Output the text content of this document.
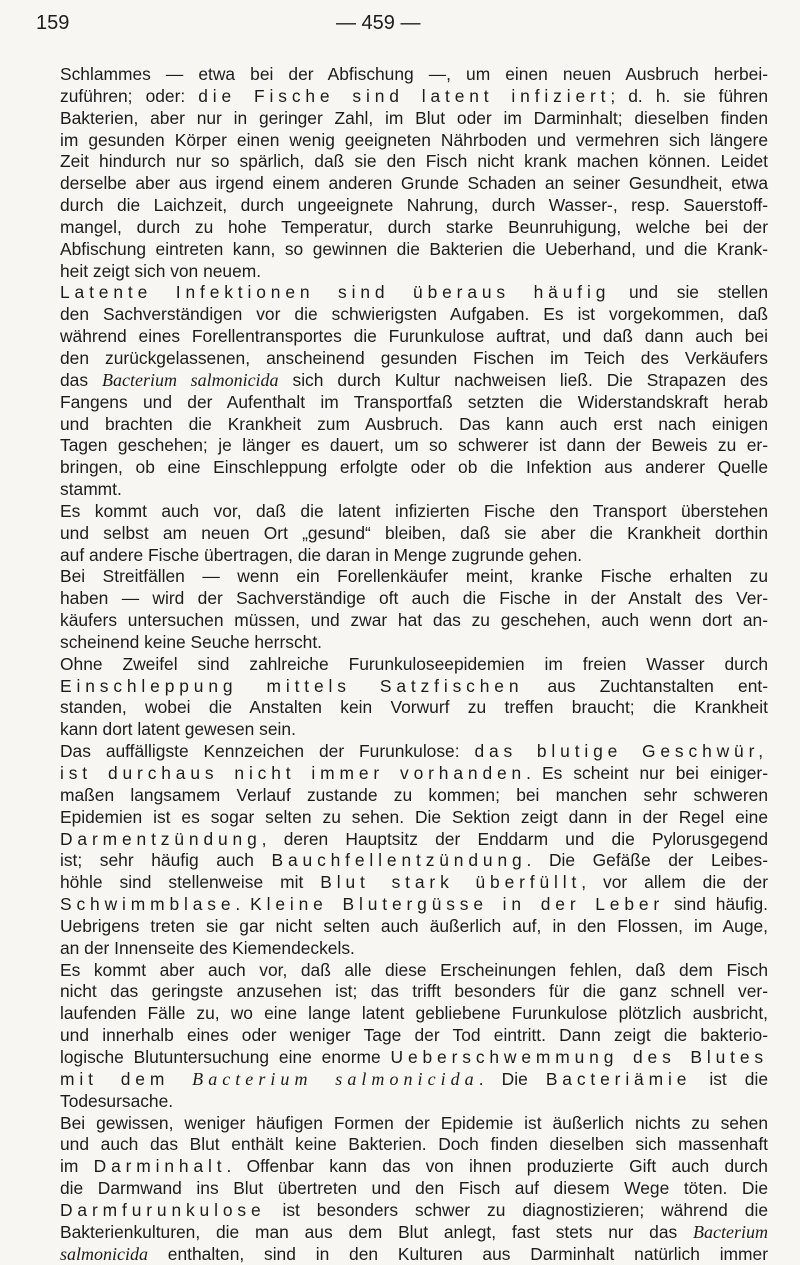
159	— 459 —
Schlammes — etwa bei der Abfischung —, um einen neuen Ausbruch herbei-
zuführen; oder: die Fische sind latent infiziert; d. h. sie führen
Bakterien, aber nur in geringer Zahl, im Blut oder im Darminhalt; dieselben finden
im gesunden Körper einen wenig geeigneten Nährboden und vermehren sich längere
Zeit hindurch nur so spärlich, daß sie den Fisch nicht krank machen können. Leidet
derselbe aber aus irgend einem anderen Grunde Schaden an seiner Gesundheit, etwa
durch die Laichzeit, durch ungeeignete Nahrung, durch Wasser-, resp. Sauerstoff-
mangel, durch zu hohe Temperatur, durch starke Beunruhigung, welche bei der
Abfischung eintreten kann, so gewinnen die Bakterien die Ueberhand, und die Krank-
heit zeigt sich von neuem.
Latente Infektionen sind überaus häufig und sie stellen
den Sachverständigen vor die schwierigsten Aufgaben. Es ist vorgekommen, daß
während eines Forellentransportes die Furunkulose auftrat, und daß dann auch bei
den zurückgelassenen, anscheinend gesunden Fischen im Teich des Verkäufers
das Bacterium salmonicida sich durch Kultur nachweisen ließ. Die Strapazen des
Fangens und der Aufenthalt im Transportfaß setzten die Widerstandskraft herab
und brachten die Krankheit zum Ausbruch. Das kann auch erst nach einigen
Tagen geschehen; je länger es dauert, um so schwerer ist dann der Beweis zu er-
bringen, ob eine Einschleppung erfolgte oder ob die Infektion aus anderer Quelle
stammt.
Es kommt auch vor, daß die latent infizierten Fische den Transport überstehen
und selbst am neuen Ort „gesund“ bleiben, daß sie aber die Krankheit dorthin
auf andere Fische übertragen, die daran in Menge zugrunde gehen.
Bei Streitfällen — wenn ein Forellenkäufer meint, kranke Fische erhalten zu
haben — wird der Sachverständige oft auch die Fische in der Anstalt des Ver-
käufers untersuchen müssen, und zwar hat das zu geschehen, auch wenn dort an-
scheinend keine Seuche herrscht.
Ohne Zweifel sind zahlreiche Furunkuloseepidemien im freien Wasser durch
Einschleppung mittels Satzfischen aus Zuchtanstalten ent-
standen, wobei die Anstalten kein Vorwurf zu treffen braucht; die Krankheit
kann dort latent gewesen sein.
Das auffälligste Kennzeichen der Furunkulose: das blutige Geschwür,
ist durchaus nicht immer vorhanden. Es scheint nur bei einiger-
maßen langsamem Verlauf zustande zu kommen; bei manchen sehr schweren
Epidemien ist es sogar selten zu sehen. Die Sektion zeigt dann in der Regel eine
Darmentzündung, deren Hauptsitz der Enddarm und die Pylorusgegend
ist; sehr häufig auch Bauchfellentzündung. Die Gefäße der Leibes-
höhle sind stellenweise mit Blut stark überfüllt, vor allem die der
Schwimmblase. Kleine Blutergüsse in der Leber sind häufig.
Uebrigens treten sie gar nicht selten auch äußerlich auf, in den Flossen, im Auge,
an der Innenseite des Kiemendeckels.
Es kommt aber auch vor, daß alle diese Erscheinungen fehlen, daß dem Fisch
nicht das geringste anzusehen ist; das trifft besonders für die ganz schnell ver-
laufenden Fälle zu, wo eine lange latent gebliebene Furunkulose plötzlich ausbricht,
und innerhalb eines oder weniger Tage der Tod eintritt. Dann zeigt die bakterio-
logische Blutuntersuchung eine enorme Ueberschwemmung des Blutes
mit dem Bacterium salmonicida. Die Bacteriämie ist die
Todesursache.
Bei gewissen, weniger häufigen Formen der Epidemie ist äußerlich nichts zu sehen
und auch das Blut enthält keine Bakterien. Doch finden dieselben sich massenhaft
im Darminhalt. Offenbar kann das von ihnen produzierte Gift auch durch
die Darmwand ins Blut übertreten und den Fisch auf diesem Wege töten. Die
Darmfurunkulose ist besonders schwer zu diagnostizieren; während die
Bakterienkulturen, die man aus dem Blut anlegt, fast stets nur das Bacterium
salmonicida enthalten, sind in den Kulturen aus Darminhalt natürlich immer
